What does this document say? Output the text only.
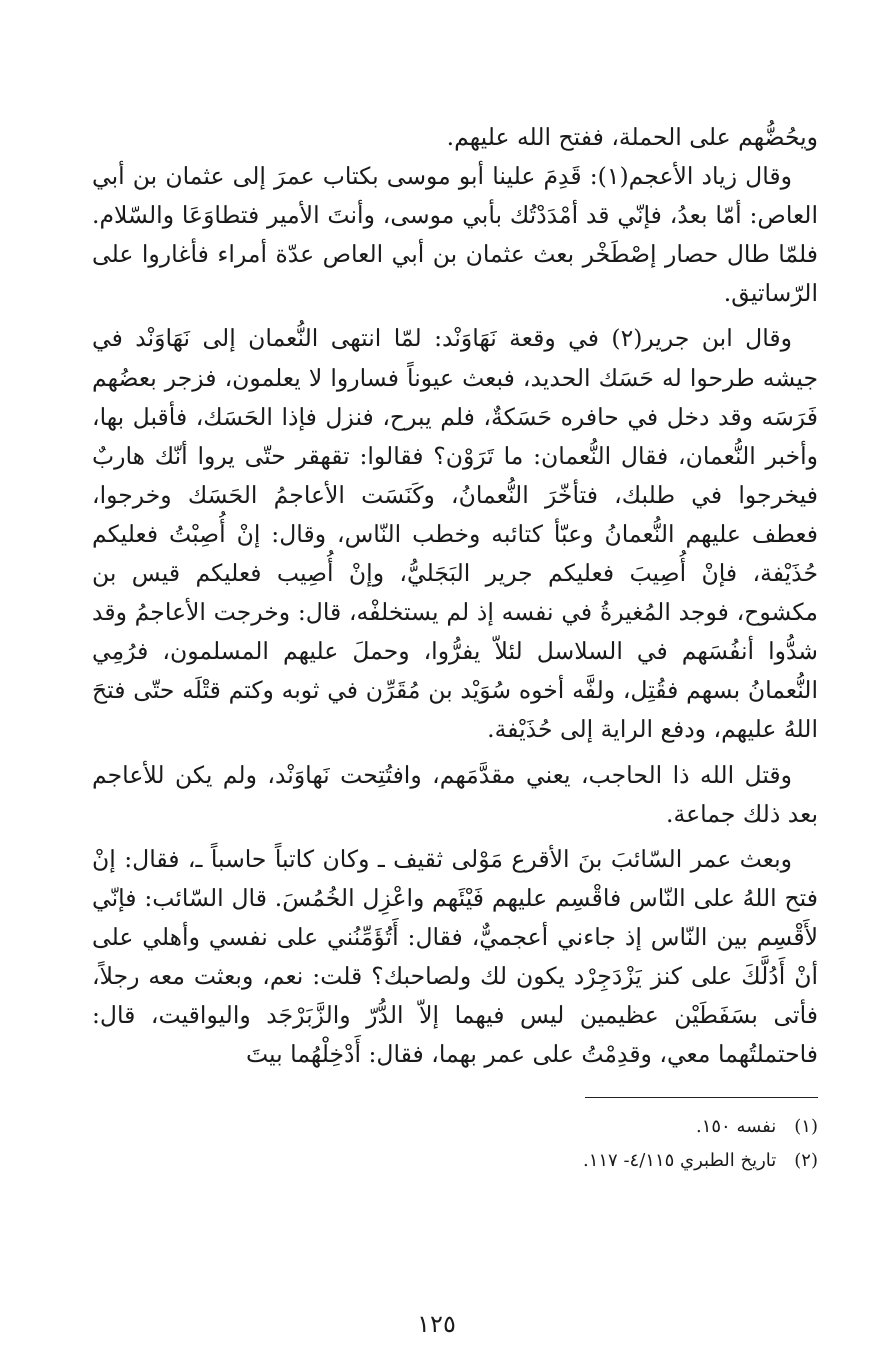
ويحُضُّهم على الحملة، ففتح الله عليهم.

وقال زياد الأعجم(١): قَدِمَ علينا أبو موسى بكتاب عمرَ إلى عثمان بن أبي العاص: أمّا بعدُ، فإنّي قد أمْدَدْتُك بأبي موسى، وأنتَ الأمير فتطاوَعَا والسّلام. فلمّا طال حصار إصْطَخْر بعث عثمان بن أبي العاص عدّة أمراء فأغاروا على الرّساتيق.

وقال ابن جرير(٢) في وقعة نَهَاوَنْد: لمّا انتهى النُّعمان إلى نَهَاوَنْد في جيشه طرحوا له حَسَك الحديد، فبعث عيوناً فساروا لا يعلمون، فزجر بعضُهم فَرَسَه وقد دخل في حافره حَسَكةٌ، فلم يبرح، فنزل فإذا الحَسَك، فأقبل بها، وأخبر النُّعمان، فقال النُّعمان: ما تَرَوْن؟ فقالوا: تقهقر حتّى يروا أنّك هاربٌ فيخرجوا في طلبك، فتأخّرَ النُّعمانُ، وكَنَسَت الأعاجمُ الحَسَك وخرجوا، فعطف عليهم النُّعمانُ وعبّأ كتائبه وخطب النّاس، وقال: إنْ أُصِبْتُ فعليكم حُذَيْفة، فإنْ أُصِيبَ فعليكم جرير البَجَليُّ، وإنْ أُصِيب فعليكم قيس بن مكشوح، فوجد المُغيرةُ في نفسه إذ لم يستخلفْه، قال: وخرجت الأعاجمُ وقد شدُّوا أنفُسَهم في السلاسل لئلاّ يفرُّوا، وحملَ عليهم المسلمون، فرُمِي النُّعمانُ بسهم فقُتِل، ولفَّه أخوه سُوَيْد بن مُقَرِّن في ثوبه وكتم قتْلَه حتّى فتحَ اللهُ عليهم، ودفع الراية إلى حُذَيْفة.

وقتل الله ذا الحاجب، يعني مقدَّمَهم، وافتُتِحت نَهاوَنْد، ولم يكن للأعاجم بعد ذلك جماعة.

وبعث عمر السّائبَ بنَ الأقرع مَوْلى ثقيف ـ وكان كاتباً حاسباً ـ، فقال: إنْ فتح اللهُ على النّاس فاقْسِم عليهم فَيْئَهم واعْزِل الخُمُسَ. قال السّائب: فإنّي لأَقْسِم بين النّاس إذ جاءني أعجميٌّ، فقال: أَتُؤَمِّنُني على نفسي وأهلي على أنْ أَدُلَّكَ على كنز يَزْدَجِرْد يكون لك ولصاحبك؟ قلت: نعم، وبعثت معه رجلاً، فأتى بسَفَطَيْن عظيمين ليس فيهما إلاّ الدُّرّ والزَّبَرْجَد واليواقيت، قال: فاحتملتُهما معي، وقدِمْتُ على عمر بهما، فقال: أَدْخِلْهُما بيتَ

(١)نفسه ١٥٠.
(٢)تاريخ الطبري ٤/١١٥- ١١٧.
١٢٥
